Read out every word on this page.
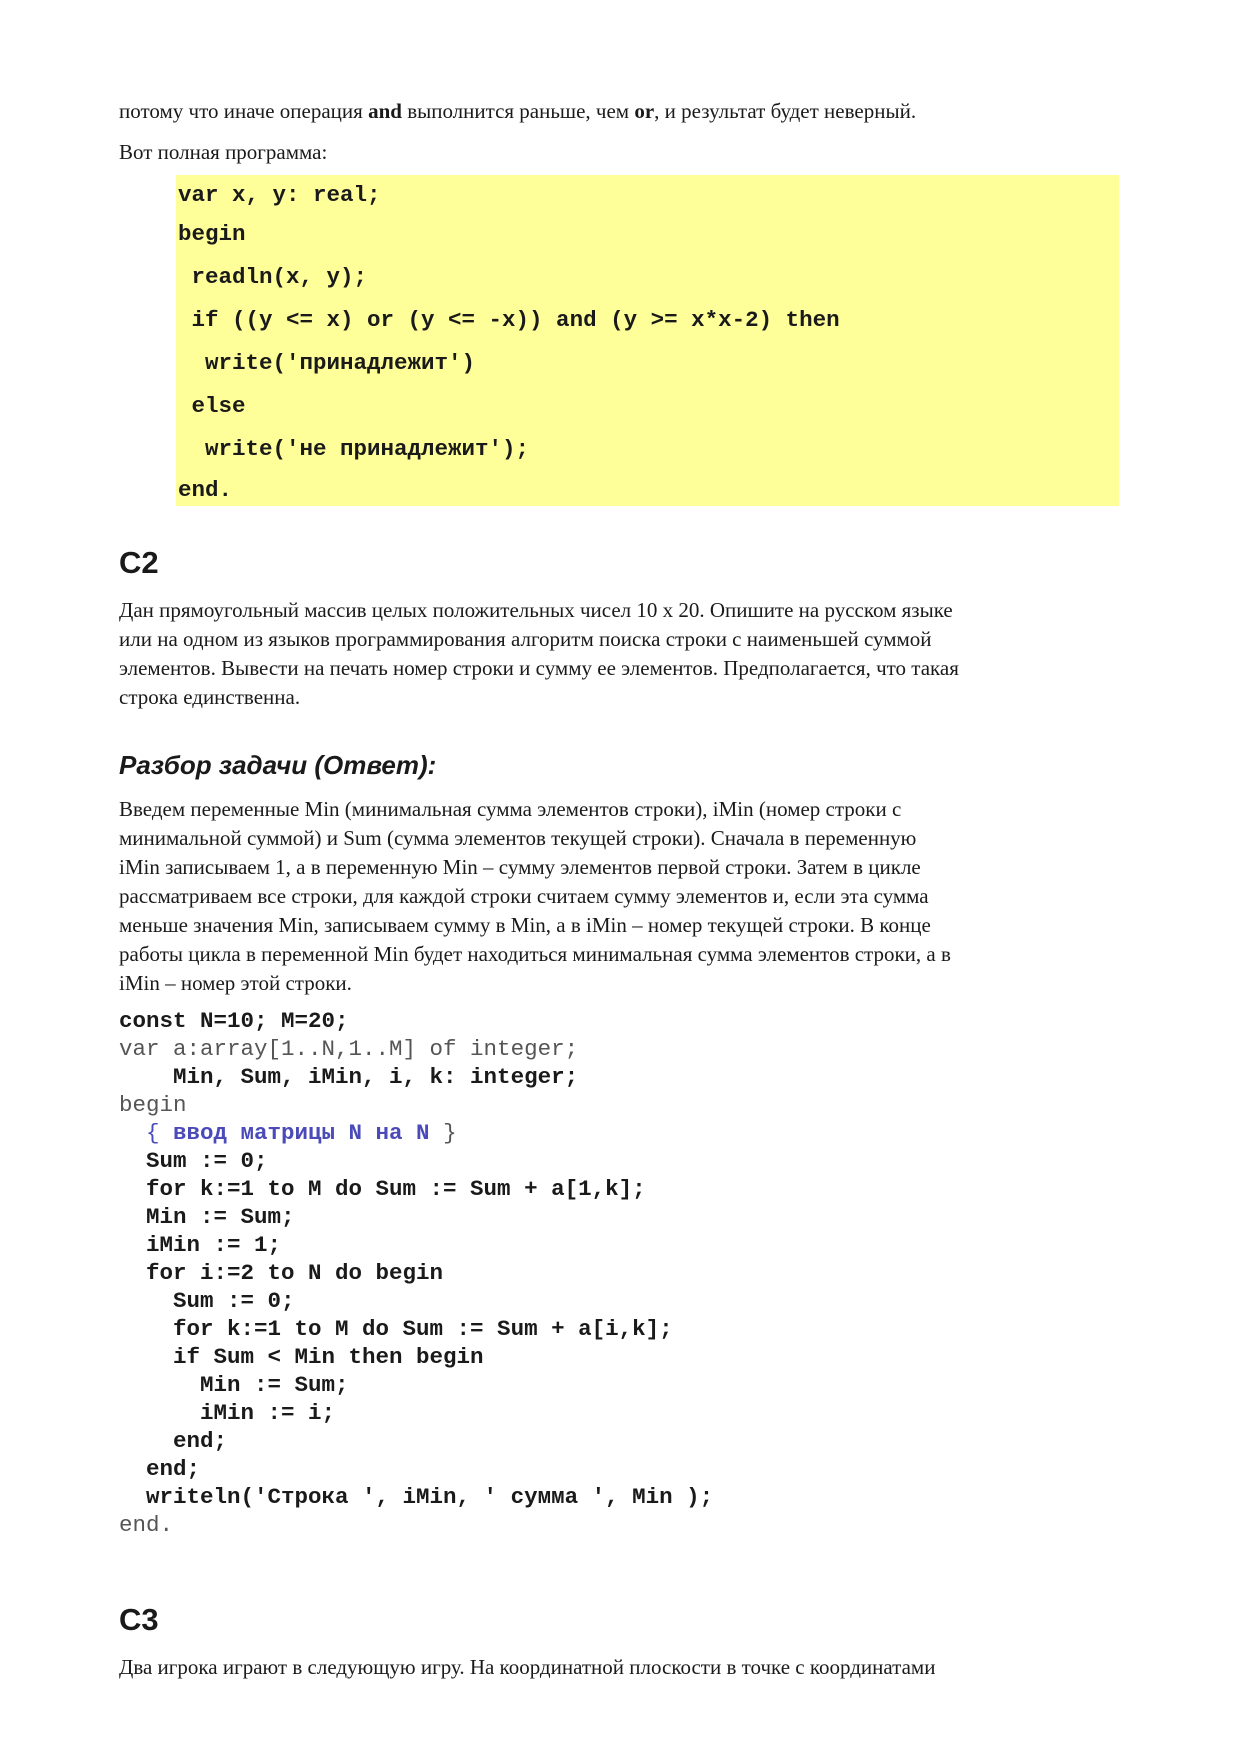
потому что иначе операция and выполнится раньше, чем or, и результат будет неверный.
Вот полная программа:
var x, y: real;
begin
readln(x, y);
if ((y <= x) or (y <= -x)) and (y >= x*x-2) then
write('принадлежит')
else
write('не принадлежит');
end.
C2
Дан прямоугольный массив целых положительных чисел 10 х 20. Опишите на русском языке
или на одном из языков программирования алгоритм поиска строки с наименьшей суммой
элементов. Вывести на печать номер строки и сумму ее элементов. Предполагается, что такая
строка единственна.
Разбор задачи (Ответ):
Введем переменные Min (минимальная сумма элементов строки), iMin (номер строки с
минимальной суммой) и Sum (сумма элементов текущей строки). Сначала в переменную
iMin записываем 1, а в переменную Min – сумму элементов первой строки. Затем в цикле
рассматриваем все строки, для каждой строки считаем сумму элементов и, если эта сумма
меньше значения Min, записываем сумму в Min, а в iMin – номер текущей строки. В конце
работы цикла в переменной Min будет находиться минимальная сумма элементов строки, а в
iMin – номер этой строки.
const N=10; M=20;
var a:array[1..N,1..M] of integer;
Min, Sum, iMin, i, k: integer;
begin
{ ввод матрицы N на N }
Sum := 0;
for k:=1 to M do Sum := Sum + a[1,k];
Min := Sum;
iMin := 1;
for i:=2 to N do begin
Sum := 0;
for k:=1 to M do Sum := Sum + a[i,k];
if Sum < Min then begin
Min := Sum;
iMin := i;
end;
end;
writeln('Строка ', iMin, ' сумма ', Min );
end.
C3
Два игрока играют в следующую игру. На координатной плоскости в точке с координатами
